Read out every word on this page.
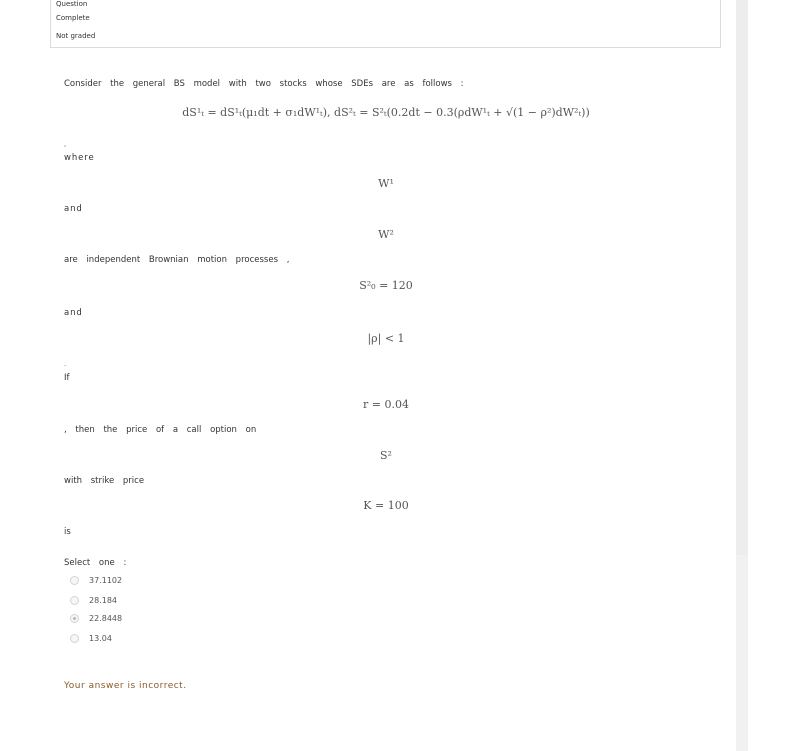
Question
Complete
Not graded
Consider the general BS model with two stocks whose SDEs are as follows :
dS¹ₜ = dS¹ₜ(μ₁dt + σ₁dW¹ₜ), dS²ₜ = S²ₜ(0.2dt − 0.3(ρdW¹ₜ + √(1 − ρ²)dW²ₜ))
,
where
W¹
and
W²
are independent Brownian motion processes ,
S²₀ = 120
and
|ρ| < 1
.
If
r = 0.04
, then the price of a call option on
S²
with strike price
K = 100
is
Select one :
37.1102
28.184
22.8448
13.04
Your answer is incorrect.
